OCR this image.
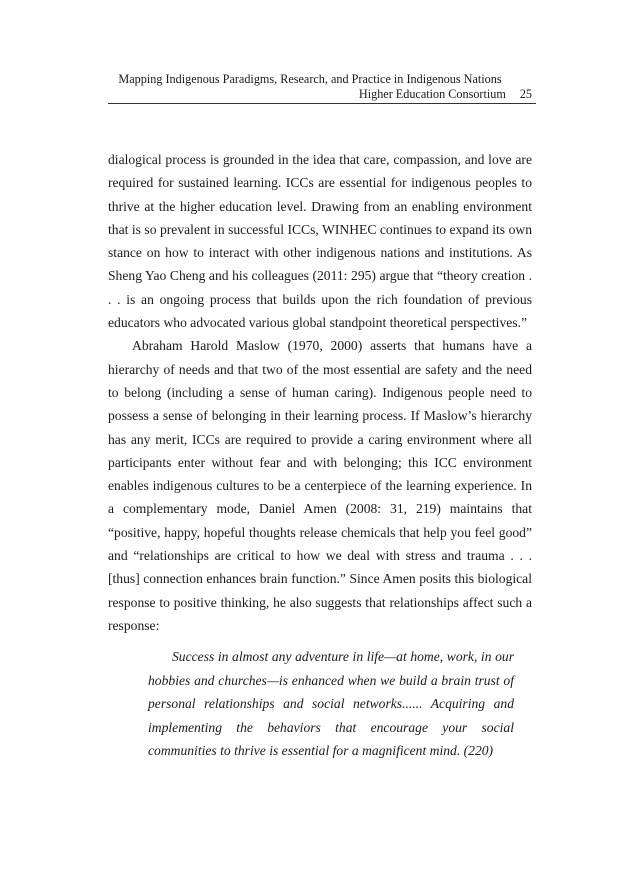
Mapping Indigenous Paradigms, Research, and Practice in Indigenous Nations
Higher Education Consortium 25

dialogical process is grounded in the idea that care, compassion, and love are required for sustained learning. ICCs are essential for indigenous peoples to thrive at the higher education level. Drawing from an enabling environment that is so prevalent in successful ICCs, WINHEC continues to expand its own stance on how to interact with other indigenous nations and institutions. As Sheng Yao Cheng and his colleagues (2011: 295) argue that “theory creation . . . is an ongoing process that builds upon the rich foundation of previous educators who advocated various global standpoint theoretical perspectives.”

Abraham Harold Maslow (1970, 2000) asserts that humans have a hierarchy of needs and that two of the most essential are safety and the need to belong (including a sense of human caring). Indigenous people need to possess a sense of belonging in their learning process. If Maslow’s hierarchy has any merit, ICCs are required to provide a caring environment where all participants enter without fear and with belonging; this ICC environment enables indigenous cultures to be a centerpiece of the learning experience. In a complementary mode, Daniel Amen (2008: 31, 219) maintains that “positive, happy, hopeful thoughts release chemicals that help you feel good” and “relationships are critical to how we deal with stress and trauma . . . [thus] connection enhances brain function.” Since Amen posits this biological response to positive thinking, he also suggests that relationships affect such a response:

Success in almost any adventure in life—at home, work, in our hobbies and churches—is enhanced when we build a brain trust of personal relationships and social networks...... Acquiring and implementing the behaviors that encourage your social communities to thrive is essential for a magnificent mind. (220)
